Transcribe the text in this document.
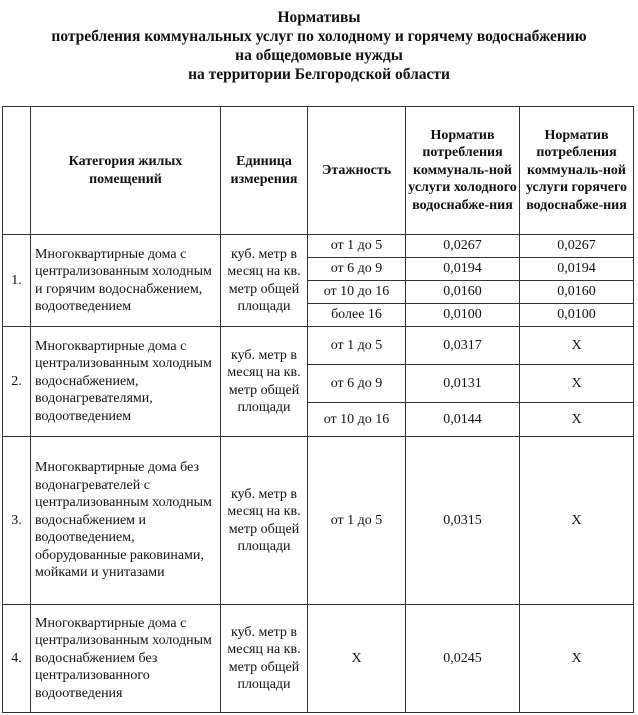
Нормативы
потребления коммунальных услуг по холодному и горячему водоснабжению
на общедомовые нужды
на территории Белгородской области
	Категория жилых помещений	Единица измерения	Этажность	Норматив потребления коммуналь-ной услуги холодного водоснабже-ния	Норматив потребления коммуналь-ной услуги горячего водоснабже-ния
1.	Многоквартирные дома с централизованным холодным и горячим водоснабжением, водоотведением	куб. метр в месяц на кв. метр общей площади	от 1 до 5	0,0267	0,0267
			от 6 до 9	0,0194	0,0194
			от 10 до 16	0,0160	0,0160
			более 16	0,0100	0,0100
2.	Многоквартирные дома с централизованным холодным водоснабжением, водонагревателями, водоотведением	куб. метр в месяц на кв. метр общей площади	от 1 до 5	0,0317	X
			от 6 до 9	0,0131	X
			от 10 до 16	0,0144	X
3.	Многоквартирные дома без водонагревателей с централизованным холодным водоснабжением и водоотведением, оборудованные раковинами, мойками и унитазами	куб. метр в месяц на кв. метр общей площади	от 1 до 5	0,0315	X
4.	Многоквартирные дома с централизованным холодным водоснабжением без централизованного водоотведения	куб. метр в месяц на кв. метр общей площади	X	0,0245	X
